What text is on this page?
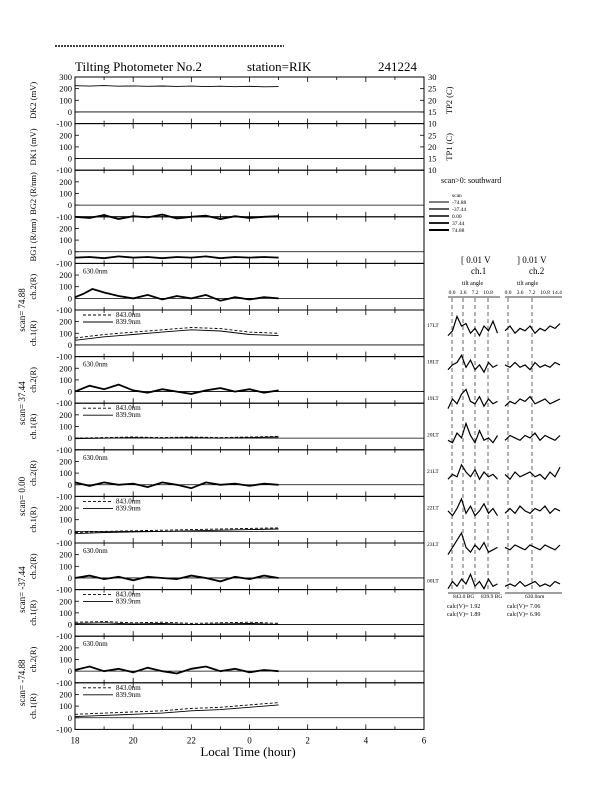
Tilting Photometer No.2	station=RIK	241224
300
200
100
0
-100
DK2 (mV)
30
25
20
15
10
TP2 (C)
200
100
0
-100
DK1 (mV)	25
20
15
10
TP1 (C)
200
100
0
-100
BG2 (R/nm)
200
100
0
-100
BG1 (R/nm)
200
100
0
-100
ch.2(R)
630.0nm
200
100
0
-100
ch.1(R)
843.0nm
839.9nm
200
100
0
-100
ch.2(R)
630.0nm
200
100
0
-100
ch.1(R)
843.0nm
839.9nm
200
100
0
-100
ch.2(R)
630.0nm
200
100
0
-100
ch.1(R)
843.0nm
839.9nm
200
100
0
-100
ch.2(R)
630.0nm
200
100
0
-100
ch.1(R)
843.0nm
839.9nm
200
100
0
-100
ch.2(R)
630.0nm
200
100
0
-100
ch.1(R)
843.0nm
839.9nm
scan= 74.88
scan= 37.44
scan= 0.00
scan= -37.44
scan= -74.88
Local Time (hour)
18	20	22	0	2	4	6
scan>0: southward
scan
-74.88
-37.44
0.00
37.44
74.88
[ 0.01 V
ch.1
] 0.01 V
ch.2
tilt angle	tilt angle
0.0 3.6 7.2 10.8 0.0 3.6 7.2 10.8 14.4
17LT
18LT
19LT
20LT
21LT
22LT
23LT
00LT
843.0 BG 839.9 BG	630.0nm
calc(V)= 1.92
calc(V)= 1.89
calc(V)= 7.06
calc(V)= 6.96
